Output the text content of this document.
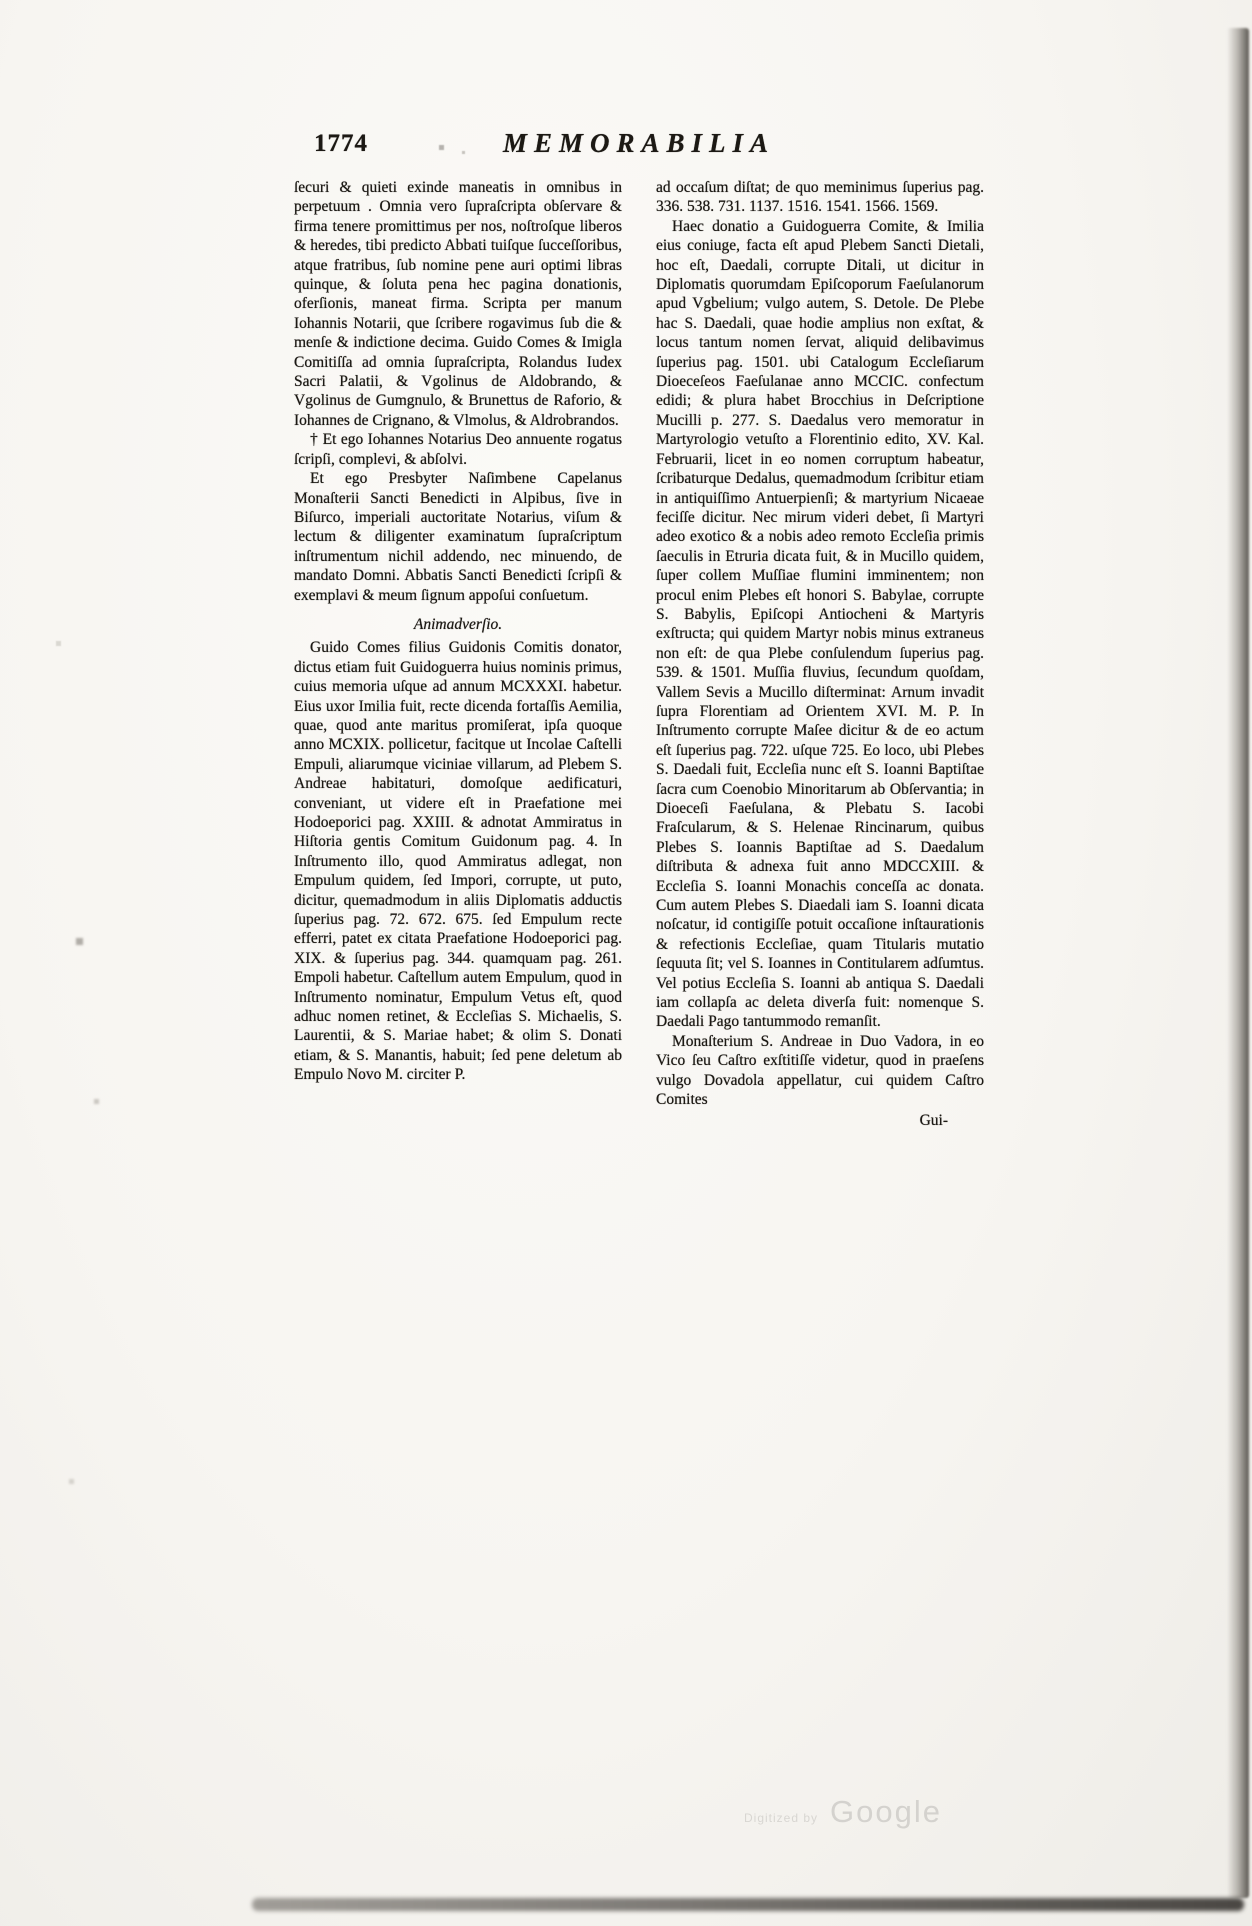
1774	MEMORABILIA

ſecuri & quieti exinde maneatis in omnibus in perpetuum . Omnia vero ſupraſcripta obſervare & firma tenere promittimus per nos, noſtroſque liberos & heredes, tibi predicto Abbati tuiſque ſucceſſoribus, atque fratribus, ſub nomine pene auri optimi libras quinque, & ſoluta pena hec pagina donationis, oferſionis, maneat firma. Scripta per manum Iohannis Notarii, que ſcribere rogavimus ſub die & menſe & indictione decima. Guido Comes & Imigla Comitiſſa ad omnia ſupraſcripta, Rolandus Iudex Sacri Palatii, & Vgolinus de Aldobrando, & Vgolinus de Gumgnulo, & Brunettus de Raforio, & Iohannes de Crignano, & Vlmolus, & Aldrobrandos.

† Et ego Iohannes Notarius Deo annuente rogatus ſcripſi, complevi, & abſolvi.

Et ego Presbyter Naſimbene Capelanus Monaſterii Sancti Benedicti in Alpibus, ſive in Biſurco, imperiali auctoritate Notarius, viſum & lectum & diligenter examinatum ſupraſcriptum inſtrumentum nichil addendo, nec minuendo, de mandato Domni. Abbatis Sancti Benedicti ſcripſi & exemplavi & meum ſignum appoſui conſuetum.

Animadverſio.

Guido Comes filius Guidonis Comitis donator, dictus etiam fuit Guidoguerra huius nominis primus, cuius memoria uſque ad annum MCXXXI. habetur. Eius uxor Imilia fuit, recte dicenda fortaſſis Aemilia, quae, quod ante maritus promiſerat, ipſa quoque anno MCXIX. pollicetur, facitque ut Incolae Caſtelli Empuli, aliarumque viciniae villarum, ad Plebem S. Andreae habitaturi, domoſque aedificaturi, conveniant, ut videre eſt in Praefatione mei Hodoeporici pag. XXIII. & adnotat Ammiratus in Hiſtoria gentis Comitum Guidonum pag. 4. In Inſtrumento illo, quod Ammiratus adlegat, non Empulum quidem, ſed Impori, corrupte, ut puto, dicitur, quemadmodum in aliis Diplomatis adductis ſuperius pag. 72. 672. 675. ſed Empulum recte efferri, patet ex citata Praefatione Hodoeporici pag. XIX. & ſuperius pag. 344. quamquam pag. 261. Empoli habetur. Caſtellum autem Empulum, quod in Inſtrumento nominatur, Empulum Vetus eſt, quod adhuc nomen retinet, & Eccleſias S. Michaelis, S. Laurentii, & S. Mariae habet; & olim S. Donati etiam, & S. Manantis, habuit; ſed pene deletum ab Empulo Novo M. circiter P.

ad occaſum diſtat; de quo meminimus ſuperius pag. 336. 538. 731. 1137. 1516. 1541. 1566. 1569.

Haec donatio a Guidoguerra Comite, & Imilia eius coniuge, facta eſt apud Plebem Sancti Dietali, hoc eſt, Daedali, corrupte Ditali, ut dicitur in Diplomatis quorumdam Epiſcoporum Faeſulanorum apud Vgbelium; vulgo autem, S. Detole. De Plebe hac S. Daedali, quae hodie amplius non exſtat, & locus tantum nomen ſervat, aliquid delibavimus ſuperius pag. 1501. ubi Catalogum Eccleſiarum Dioeceſeos Faeſulanae anno MCCIC. confectum edidi; & plura habet Brocchius in Deſcriptione Mucilli p. 277. S. Daedalus vero memoratur in Martyrologio vetuſto a Florentinio edito, XV. Kal. Februarii, licet in eo nomen corruptum habeatur, ſcribaturque Dedalus, quemadmodum ſcribitur etiam in antiquiſſimo Antuerpienſi; & martyrium Nicaeae feciſſe dicitur. Nec mirum videri debet, ſi Martyri adeo exotico & a nobis adeo remoto Eccleſia primis ſaeculis in Etruria dicata fuit, & in Mucillo quidem, ſuper collem Muſſiae flumini imminentem; non procul enim Plebes eſt honori S. Babylae, corrupte S. Babylis, Epiſcopi Antiocheni & Martyris exſtructa; qui quidem Martyr nobis minus extraneus non eſt: de qua Plebe conſulendum ſuperius pag. 539. & 1501. Muſſia fluvius, ſecundum quoſdam, Vallem Sevis a Mucillo diſterminat: Arnum invadit ſupra Florentiam ad Orientem XVI. M. P. In Inſtrumento corrupte Maſee dicitur & de eo actum eſt ſuperius pag. 722. uſque 725. Eo loco, ubi Plebes S. Daedali fuit, Eccleſia nunc eſt S. Ioanni Baptiſtae ſacra cum Coenobio Minoritarum ab Obſervantia; in Dioeceſi Faeſulana, & Plebatu S. Iacobi Fraſcularum, & S. Helenae Rincinarum, quibus Plebes S. Ioannis Baptiſtae ad S. Daedalum diſtributa & adnexa fuit anno MDCCXIII. & Eccleſia S. Ioanni Monachis conceſſa ac donata. Cum autem Plebes S. Diaedali iam S. Ioanni dicata noſcatur, id contigiſſe potuit occaſione inſtaurationis & refectionis Eccleſiae, quam Titularis mutatio ſequuta ſit; vel S. Ioannes in Contitularem adſumtus. Vel potius Eccleſia S. Ioanni ab antiqua S. Daedali iam collapſa ac deleta diverſa fuit: nomenque S. Daedali Pago tantummodo remanſit.

Monaſterium S. Andreae in Duo Vadora, in eo Vico ſeu Caſtro exſtitiſſe videtur, quod in praeſens vulgo Dovadola appellatur, cui quidem Caſtro Comites

Gui-
Digitized by Google
